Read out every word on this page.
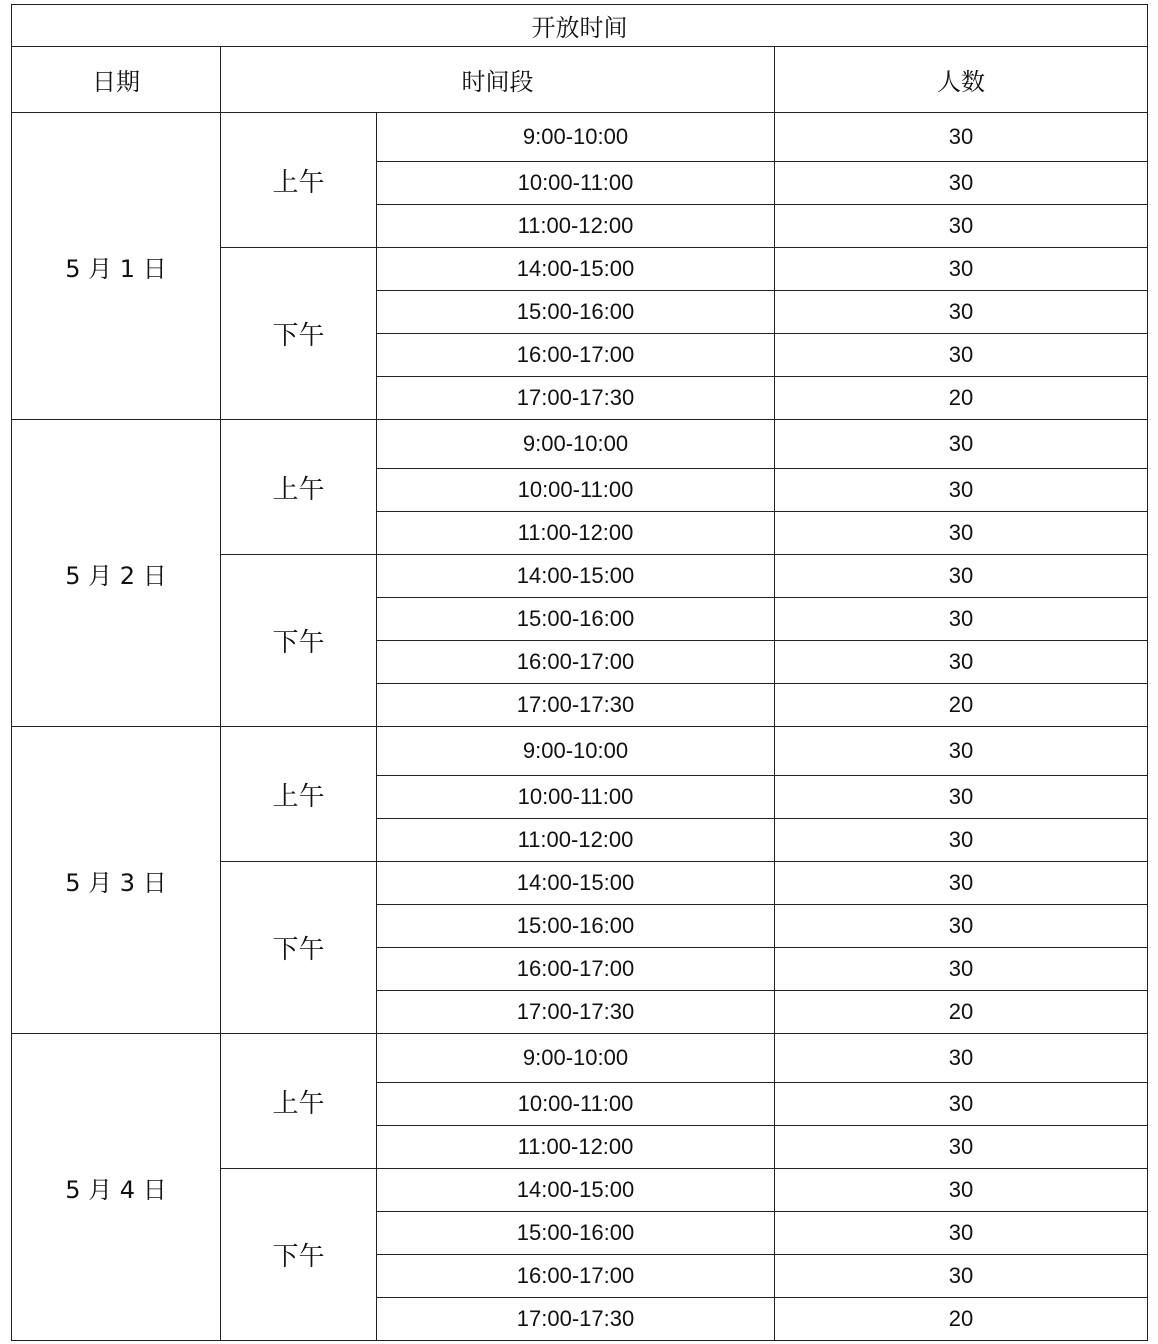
开放时间			
日期	时间段		人数
5 月 1 日	上午	9:00-10:00	30
		10:00-11:00	30
		11:00-12:00	30
	下午	14:00-15:00	30
		15:00-16:00	30
		16:00-17:00	30
		17:00-17:30	20
5 月 2 日	上午	9:00-10:00	30
		10:00-11:00	30
		11:00-12:00	30
	下午	14:00-15:00	30
		15:00-16:00	30
		16:00-17:00	30
		17:00-17:30	20
5 月 3 日	上午	9:00-10:00	30
		10:00-11:00	30
		11:00-12:00	30
	下午	14:00-15:00	30
		15:00-16:00	30
		16:00-17:00	30
		17:00-17:30	20
5 月 4 日	上午	9:00-10:00	30
		10:00-11:00	30
		11:00-12:00	30
	下午	14:00-15:00	30
		15:00-16:00	30
		16:00-17:00	30
		17:00-17:30	20
